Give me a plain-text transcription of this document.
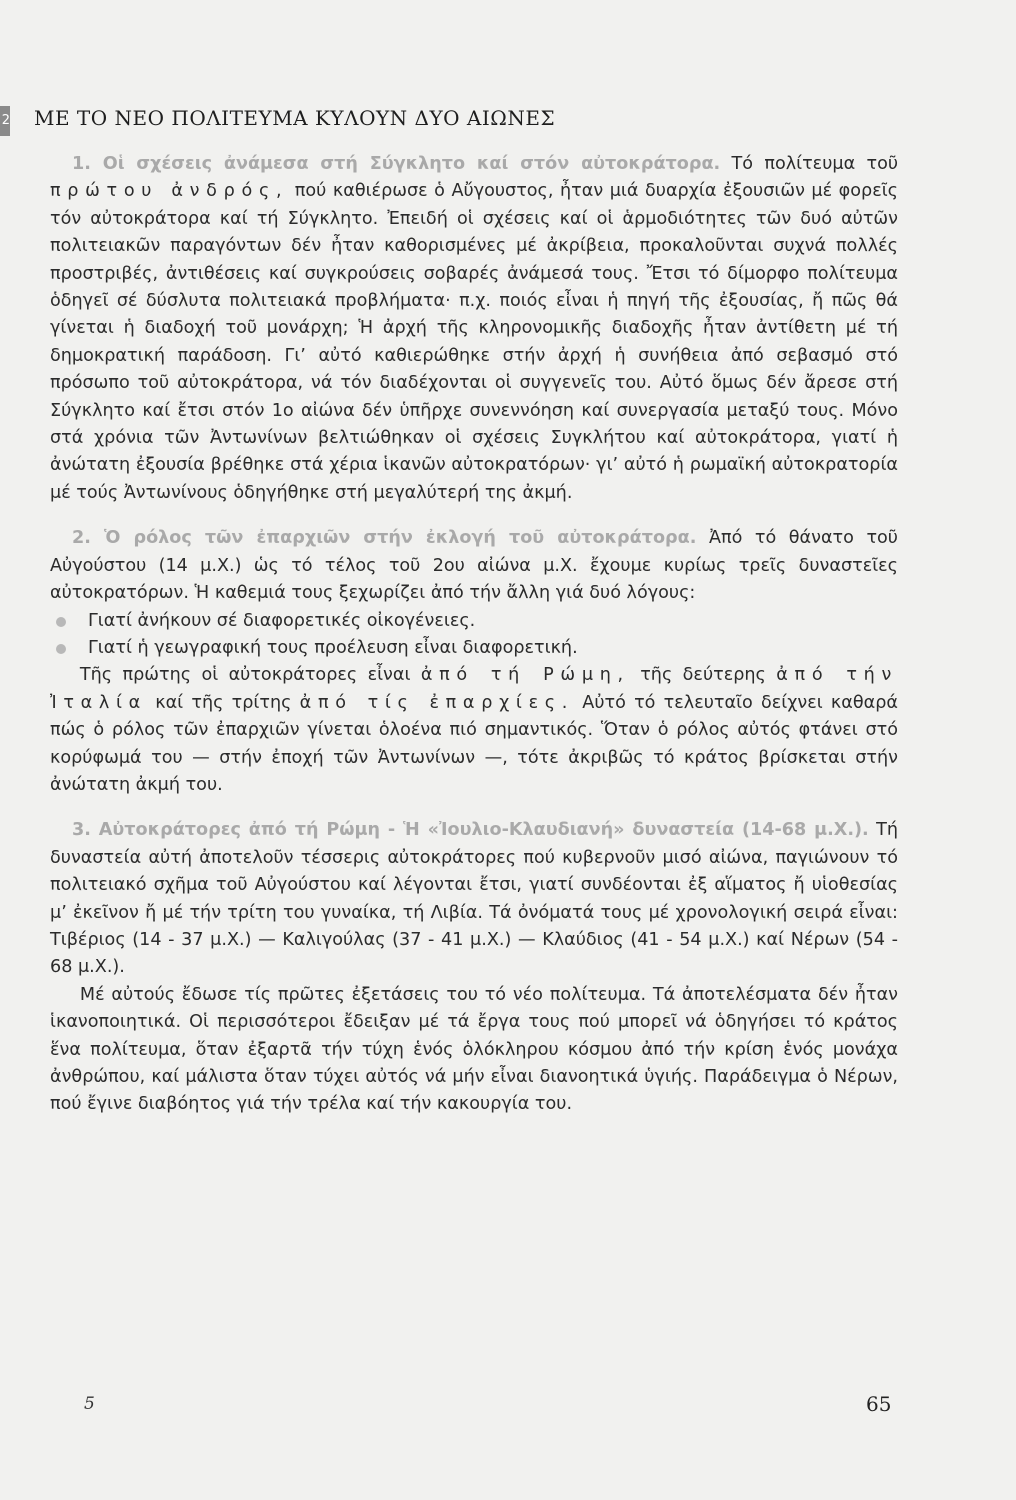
2 ΜΕ ΤΟ ΝΕΟ ΠΟΛΙΤΕΥΜΑ ΚΥΛΟΥΝ ΔΥΟ ΑΙΩΝΕΣ

1. Οἱ σχέσεις ἀνάμεσα στή Σύγκλητο καί στόν αὐτοκράτορα. Τό πολίτευμα τοῦ πρώτου ἀνδρός, πού καθιέρωσε ὁ Αὔγουστος, ἦταν μιά δυαρχία ἐξουσιῶν μέ φορεῖς τόν αὐτοκράτορα καί τή Σύγκλητο. Ἐπειδή οἱ σχέσεις καί οἱ ἁρμοδιότητες τῶν δυό αὐτῶν πολιτειακῶν παραγόντων δέν ἦταν καθορισμένες μέ ἀκρίβεια, προκαλοῦνται συχνά πολλές προστριβές, ἀντιθέσεις καί συγκρούσεις σοβαρές ἀνάμεσά τους. Ἔτσι τό δίμορφο πολίτευμα ὁδηγεῖ σέ δύσλυτα πολιτειακά προβλήματα· π.χ. ποιός εἶναι ἡ πηγή τῆς ἐξουσίας, ἤ πῶς θά γίνεται ἡ διαδοχή τοῦ μονάρχη; Ἡ ἀρχή τῆς κληρονομικῆς διαδοχῆς ἦταν ἀντίθετη μέ τή δημοκρατική παράδοση. Γι’ αὐτό καθιερώθηκε στήν ἀρχή ἡ συνήθεια ἀπό σεβασμό στό πρόσωπο τοῦ αὐτοκράτορα, νά τόν διαδέχονται οἱ συγγενεῖς του. Αὐτό ὅμως δέν ἄρεσε στή Σύγκλητο καί ἔτσι στόν 1ο αἰώνα δέν ὑπῆρχε συνεννόηση καί συνεργασία μεταξύ τους. Μόνο στά χρόνια τῶν Ἀντωνίνων βελτιώθηκαν οἱ σχέσεις Συγκλήτου καί αὐτοκράτορα, γιατί ἡ ἀνώτατη ἐξουσία βρέθηκε στά χέρια ἱκανῶν αὐτοκρατόρων· γι’ αὐτό ἡ ρωμαϊκή αὐτοκρατορία μέ τούς Ἀντωνίνους ὁδηγήθηκε στή μεγαλύτερή της ἀκμή.

2. Ὁ ρόλος τῶν ἐπαρχιῶν στήν ἐκλογή τοῦ αὐτοκράτορα. Ἀπό τό θάνατο τοῦ Αὐγούστου (14 μ.Χ.) ὡς τό τέλος τοῦ 2ου αἰώνα μ.Χ. ἔχουμε κυρίως τρεῖς δυναστεῖες αὐτοκρατόρων. Ἡ καθεμιά τους ξεχωρίζει ἀπό τήν ἄλλη γιά δυό λόγους:

Γιατί ἀνήκουν σέ διαφορετικές οἰκογένειες.
Γιατί ἡ γεωγραφική τους προέλευση εἶναι διαφορετική.

Τῆς πρώτης οἱ αὐτοκράτορες εἶναι ἀπό τή Ρώμη, τῆς δεύτερης ἀπό τήν Ἰταλία καί τῆς τρίτης ἀπό τίς ἐπαρχίες. Αὐτό τό τελευταῖο δείχνει καθαρά πώς ὁ ρόλος τῶν ἐπαρχιῶν γίνεται ὁλοένα πιό σημαντικός. Ὅταν ὁ ρόλος αὐτός φτάνει στό κορύφωμά του — στήν ἐποχή τῶν Ἀντωνίνων —, τότε ἀκριβῶς τό κράτος βρίσκεται στήν ἀνώτατη ἀκμή του.

3. Αὐτοκράτορες ἀπό τή Ρώμη - Ἡ «Ἰουλιο-Κλαυδιανή» δυναστεία (14-68 μ.Χ.). Τή δυναστεία αὐτή ἀποτελοῦν τέσσερις αὐτοκράτορες πού κυβερνοῦν μισό αἰώνα, παγιώνουν τό πολιτειακό σχῆμα τοῦ Αὐγούστου καί λέγονται ἔτσι, γιατί συνδέονται ἐξ αἵματος ἤ υἱοθεσίας μ’ ἐκεῖνον ἤ μέ τήν τρίτη του γυναίκα, τή Λιβία. Τά ὀνόματά τους μέ χρονολογική σειρά εἶναι: Τιβέριος (14 - 37 μ.Χ.) — Καλιγούλας (37 - 41 μ.Χ.) — Κλαύδιος (41 - 54 μ.Χ.) καί Νέρων (54 - 68 μ.Χ.).

Μέ αὐτούς ἔδωσε τίς πρῶτες ἐξετάσεις του τό νέο πολίτευμα. Τά ἀποτελέσματα δέν ἦταν ἱκανοποιητικά. Οἱ περισσότεροι ἔδειξαν μέ τά ἔργα τους πού μπορεῖ νά ὁδηγήσει τό κράτος ἕνα πολίτευμα, ὅταν ἐξαρτᾶ τήν τύχη ἑνός ὁλόκληρου κόσμου ἀπό τήν κρίση ἑνός μονάχα ἀνθρώπου, καί μάλιστα ὅταν τύχει αὐτός νά μήν εἶναι διανοητικά ὑγιής. Παράδειγμα ὁ Νέρων, πού ἔγινε διαβόητος γιά τήν τρέλα καί τήν κακουργία του.

5	65
